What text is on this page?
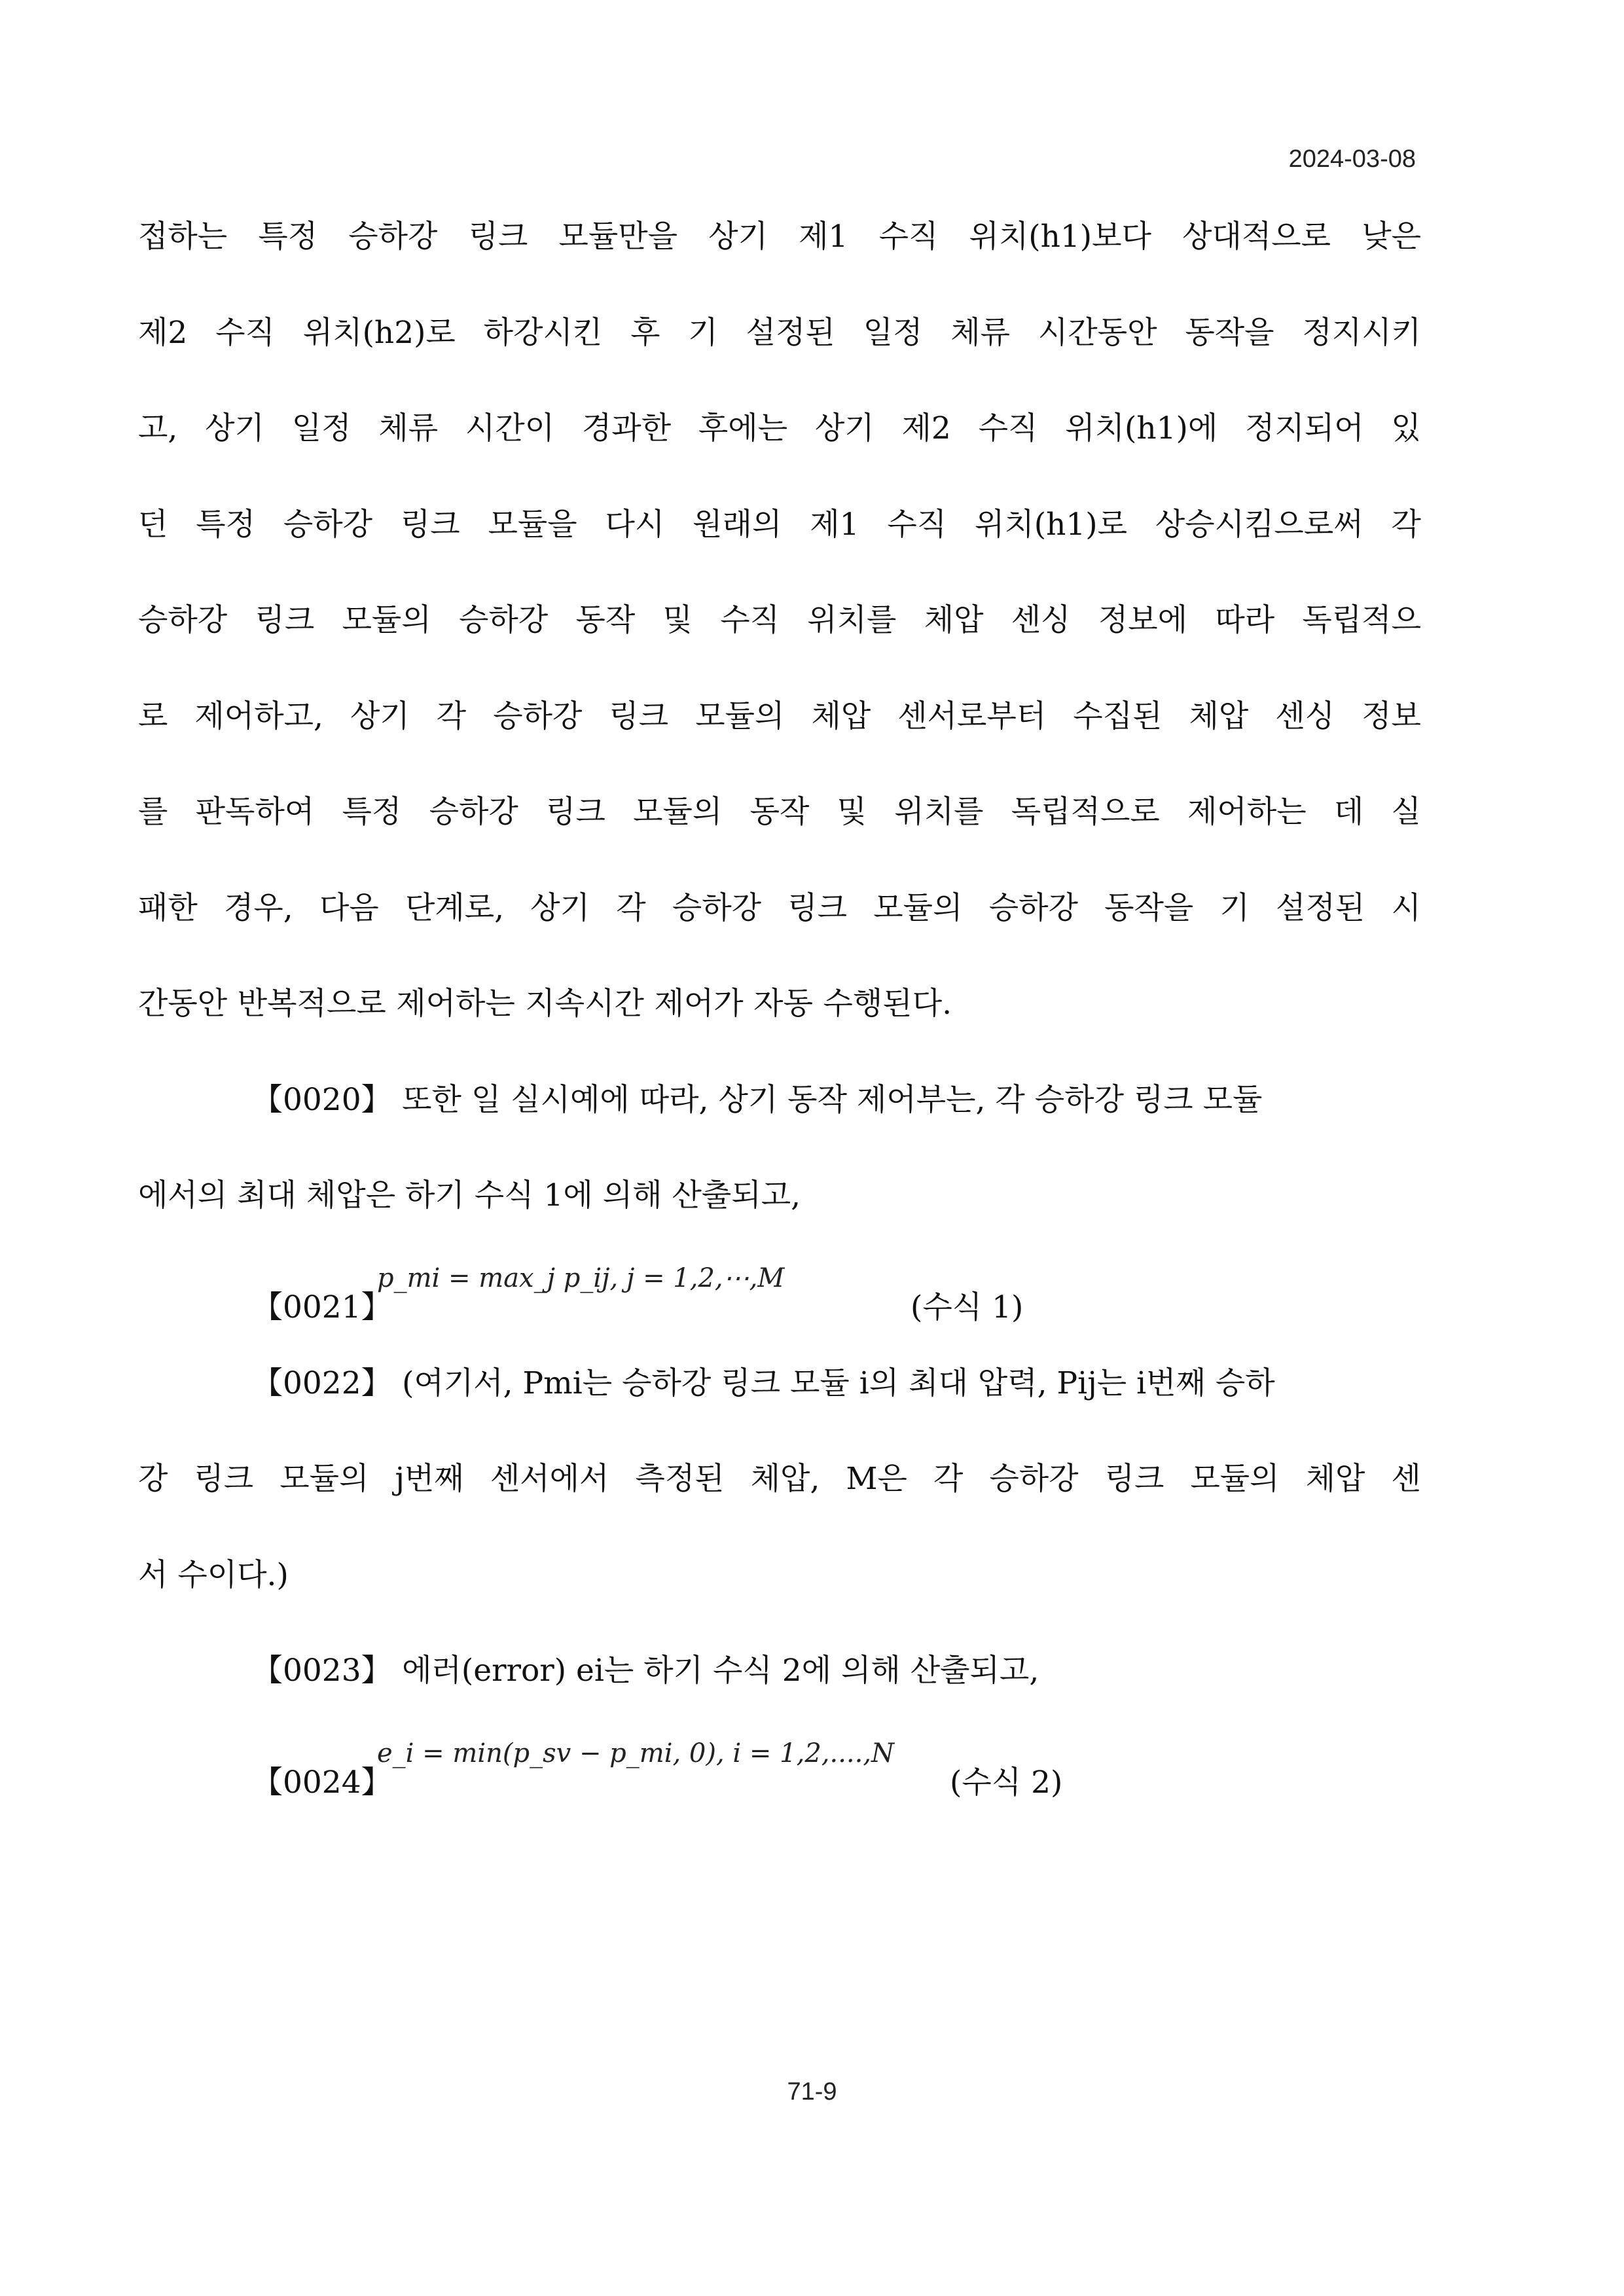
2024-03-08
접하는 특정 승하강 링크 모듈만을 상기 제1 수직 위치(h1)보다 상대적으로 낮은
제2 수직 위치(h2)로 하강시킨 후 기 설정된 일정 체류 시간동안 동작을 정지시키
고, 상기 일정 체류 시간이 경과한 후에는 상기 제2 수직 위치(h1)에 정지되어 있
던 특정 승하강 링크 모듈을 다시 원래의 제1 수직 위치(h1)로 상승시킴으로써 각
승하강 링크 모듈의 승하강 동작 및 수직 위치를 체압 센싱 정보에 따라 독립적으
로 제어하고, 상기 각 승하강 링크 모듈의 체압 센서로부터 수집된 체압 센싱 정보
를 판독하여 특정 승하강 링크 모듈의 동작 및 위치를 독립적으로 제어하는 데 실
패한 경우, 다음 단계로, 상기 각 승하강 링크 모듈의 승하강 동작을 기 설정된 시
간동안 반복적으로 제어하는 지속시간 제어가 자동 수행된다.
【0020】 또한 일 실시예에 따라, 상기 동작 제어부는, 각 승하강 링크 모듈
에서의 최대 체압은 하기 수식 1에 의해 산출되고,
【0021】
p_mi = max_j p_ij, j = 1,2,⋯,M
(수식 1)
【0022】 (여기서, Pmi는 승하강 링크 모듈 i의 최대 압력, Pij는 i번째 승하
강 링크 모듈의 j번째 센서에서 측정된 체압, M은 각 승하강 링크 모듈의 체압 센
서 수이다.)
【0023】 에러(error) ei는 하기 수식 2에 의해 산출되고,
【0024】
e_i = min(p_sv − p_mi, 0), i = 1,2,....,N
(수식 2)
71-9
